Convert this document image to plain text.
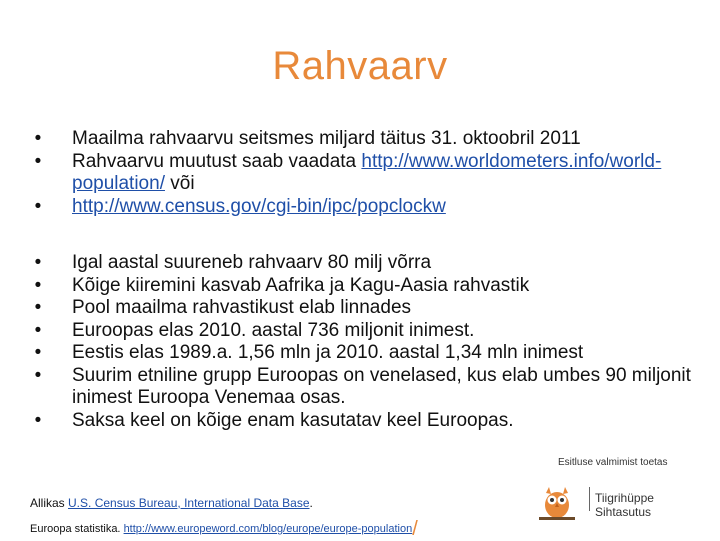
Rahvaarv
•	Maailma rahvaarvu seitsmes miljard täitus 31. oktoobril 2011
•	Rahvaarvu muutust saab vaadata http://www.worldometers.info/world-population/ või
•	http://www.census.gov/cgi-bin/ipc/popclockw
•	Igal aastal suureneb rahvaarv 80 milj võrra
•	Kõige kiiremini kasvab Aafrika ja Kagu-Aasia rahvastik
•	Pool maailma rahvastikust elab linnades
•	Euroopas elas 2010. aastal 736 miljonit inimest.
•	Eestis elas 1989.a. 1,56 mln ja 2010. aastal 1,34 mln inimest
•	Suurim etniline grupp Euroopas on venelased, kus elab umbes 90 miljonit inimest Euroopa Venemaa osas.
•	Saksa keel on kõige enam kasutatav keel Euroopas.
Allikas U.S. Census Bureau, International Data Base.
Euroopa statistika. http://www.europeword.com/blog/europe/europe-population/
Esitluse valmimist toetas
Tiigrihüppe Sihtasutus
